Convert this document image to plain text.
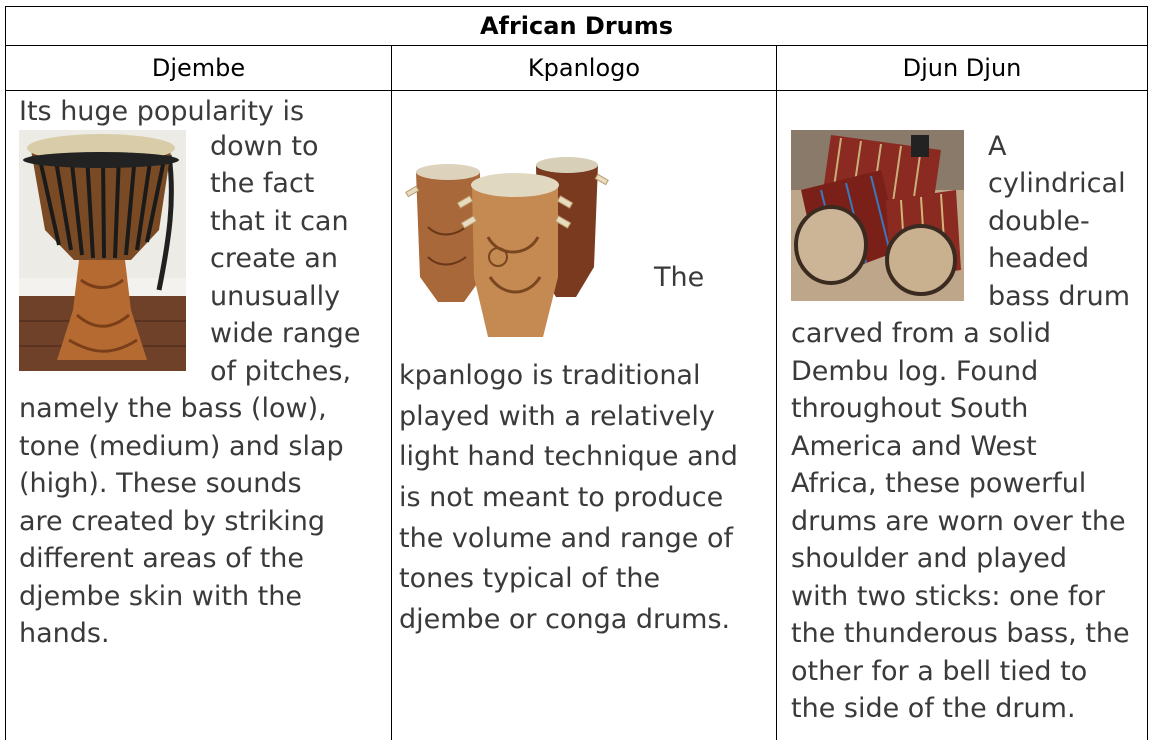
African Drums
Djembe	Kpanlogo	Djun Djun
Its huge popularity is
down to
the fact
that it can
create an
unusually
wide range
of pitches,
namely the bass (low),
tone (medium) and slap
(high). These sounds
are created by striking
different areas of the
djembe skin with the
hands.
The
kpanlogo is traditional
played with a relatively
light hand technique and
is not meant to produce
the volume and range of
tones typical of the
djembe or conga drums.
A
cylindrical
double-
headed
bass drum
carved from a solid
Dembu log. Found
throughout South
America and West
Africa, these powerful
drums are worn over the
shoulder and played
with two sticks: one for
the thunderous bass, the
other for a bell tied to
the side of the drum.
